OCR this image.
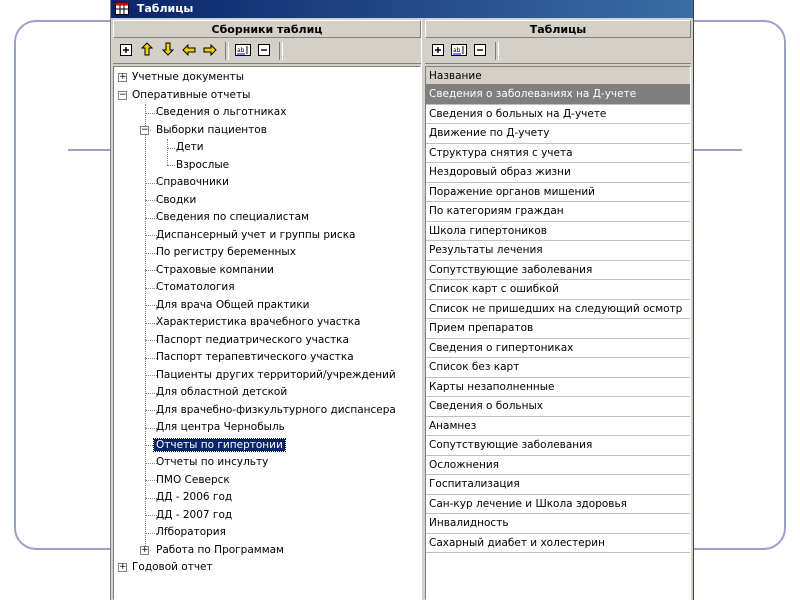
Таблицы
Сборники таблиц
ab
Учетные документы
+
Оперативные отчеты
−
Сведения о льготниках
Выборки пациентов
−
Дети
Взрослые
Справочники
Сводки
Сведения по специалистам
Диспансерный учет и группы риска
По регистру беременных
Страховые компании
Стоматология
Для врача Общей практики
Характеристика врачебного участка
Паспорт педиатрического участка
Паспорт терапевтического участка
Пациенты других территорий/учреждений
Для областной детской
Для врачебно-физкультурного диспансера
Для центра Чернобыль
Отчеты по гипертонии
Отчеты по инсульту
ПМО Северск
ДД - 2006 год
ДД - 2007 год
Лfборатория
Работа по Программам
+
Годовой отчет
+
Таблицы
ab
Название
Сведения о заболеваниях на Д-учете
Сведения о больных на Д-учете
Движение по Д-учету
Структура снятия с учета
Нездоровый образ жизни
Поражение органов мишений
По категориям граждан
Школа гипертоников
Результаты лечения
Сопутствующие заболевания
Список карт с ошибкой
Список не пришедших на следующий осмотр
Прием препаратов
Сведения о гипертониках
Список без карт
Карты незаполненные
Сведения о больных
Анамнез
Сопутствующие заболевания
Осложнения
Госпитализация
Сан-кур лечение и Школа здоровья
Инвалидность
Сахарный диабет и холестерин
